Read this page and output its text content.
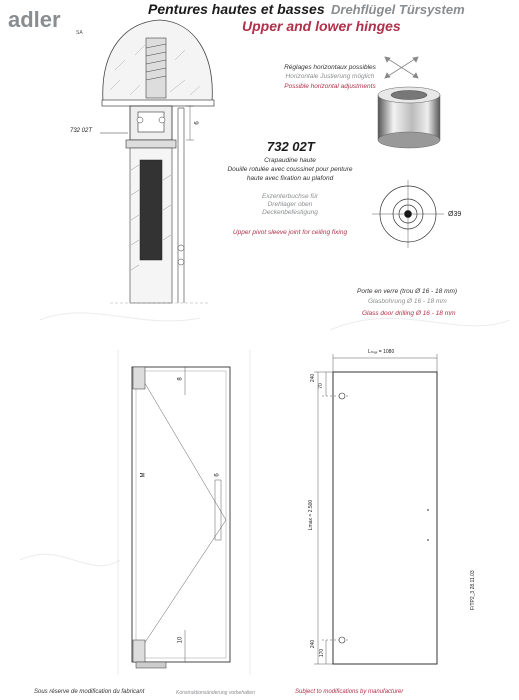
adler
SA
Pentures hautes et basses Drehflügel Türsystem
Upper and lower hinges
732 02T
6
Ø39
Réglages horizontaux possibles
Horizontale Justierung möglich
Possible horizontal adjustments
732 02T
Crapaudine haute
Douille rotulée avec coussinet pour penture
haute avec fixation au plafond
Exzenterbuchse für
Drehlager oben
Deckenbefestigung
Upper pivot sleeve joint for ceiling fixing
Porte en verre (trou Ø 16 - 18 mm)
Glasbohrung Ø 16 - 18 mm
Glass door drilling Ø 16 - 18 mm
8
M	6
10
Lₘₐₓ = 1080
Lmax = 2.500
240
70
240
170
F/TP2_3 28.11.03
Sous réserve de modification du fabricant	Konstruktionsänderung vorbehalten	Subject to modifications by manufacturer
